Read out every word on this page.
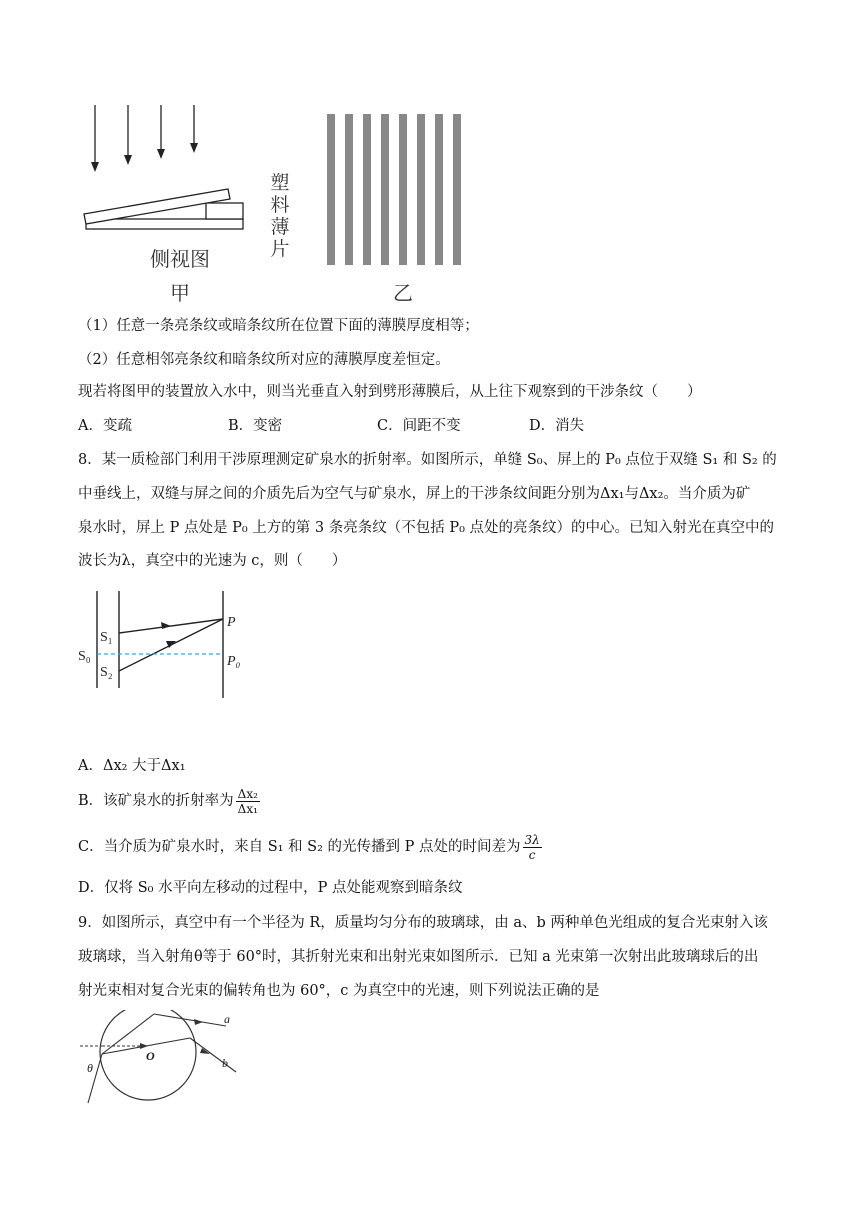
侧视图
甲
塑
料
薄
片
乙
（1）任意一条亮条纹或暗条纹所在位置下面的薄膜厚度相等；
（2）任意相邻亮条纹和暗条纹所对应的薄膜厚度差恒定。
现若将图甲的装置放入水中，则当光垂直入射到劈形薄膜后，从上往下观察到的干涉条纹（　　）
A．变疏	B．变密	C．间距不变	D．消失
8．某一质检部门利用干涉原理测定矿泉水的折射率。如图所示，单缝 S₀、屏上的 P₀ 点位于双缝 S₁ 和 S₂ 的
中垂线上，双缝与屏之间的介质先后为空气与矿泉水，屏上的干涉条纹间距分别为Δx₁与Δx₂。当介质为矿
泉水时，屏上 P 点处是 P₀ 上方的第 3 条亮条纹（不包括 P₀ 点处的亮条纹）的中心。已知入射光在真空中的
波长为λ，真空中的光速为 c，则（　　）
S₁
S₀
S₂
P
P₀
A．Δx₂ 大于Δx₁
B．该矿泉水的折射率为 $\frac{\text{Δx₂}}{\text{Δx₁}}$
C．当介质为矿泉水时，来自 S₁ 和 S₂ 的光传播到 P 点处的时间差为 $\frac{3\lambda}{c}$
D．仅将 S₀ 水平向左移动的过程中，P 点处能观察到暗条纹
9．如图所示，真空中有一个半径为 R，质量均匀分布的玻璃球，由 a、b 两种单色光组成的复合光束射入该
玻璃球，当入射角θ等于 60°时，其折射光束和出射光束如图所示．已知 a 光束第一次射出此玻璃球后的出
射光束相对复合光束的偏转角也为 60°，c 为真空中的光速，则下列说法正确的是
a
b
O
θ
